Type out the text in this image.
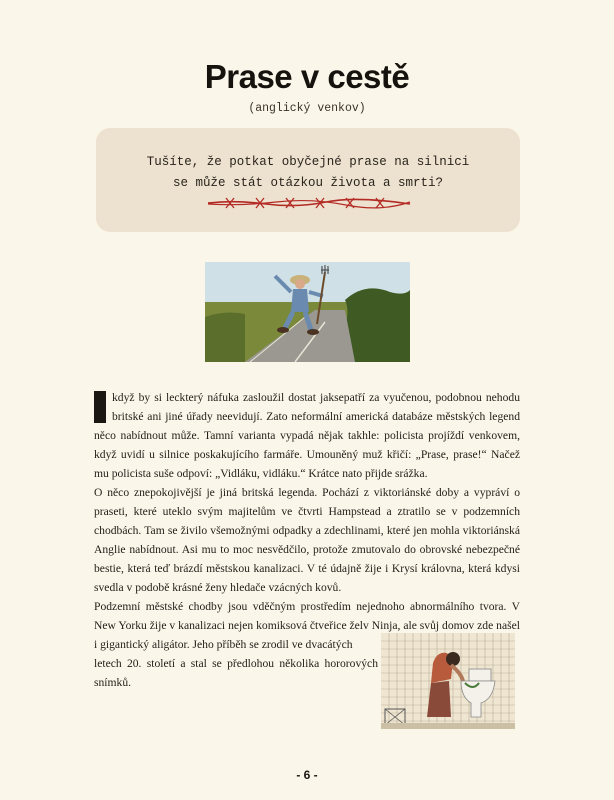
Prase v cestě
(anglický venkov)
Tušíte, že potkat obyčejné prase na silnici
se může stát otázkou života a smrti?

když by si leckterý náfuka zasloužil dostat jaksepatří za vyučenou, podobnou nehodu britské ani jiné úřady neevidují. Zato neformální americká databáze městských legend něco nabídnout může. Tamní varianta vypadá nějak takhle: policista projíždí venkovem, když uvidí u silnice poskakujícího farmáře. Umouněný muž křičí: „Prase, prase!“ Načež mu policista suše odpoví: „Vidláku, vidláku.“ Krátce nato přijde srážka.

O něco znepokojivější je jiná britská legenda. Pochází z viktoriánské doby a vypráví o praseti, které uteklo svým majitelům ve čtvrti Hampstead a ztratilo se v podzemních chodbách. Tam se živilo všemožnými odpadky a zdechlinami, které jen mohla viktoriánská Anglie nabídnout. Asi mu to moc nesvědčilo, protože zmutovalo do obrovské nebezpečné bestie, která teď brázdí městskou kanalizaci. V té údajně žije i Krysí královna, která kdysi svedla v podobě krásné ženy hledače vzácných kovů.

Podzemní městské chodby jsou vděčným prostředím nejednoho abnormálního tvora. V New Yorku žije v kanalizaci nejen komiksová čtveřice želv Ninja, ale svůj domov zde našel i gigantický aligátor. Jeho příběh se zrodil ve dvacátých

letech 20. století a stal se předlohou několika hororových snímků.

- 6 -
